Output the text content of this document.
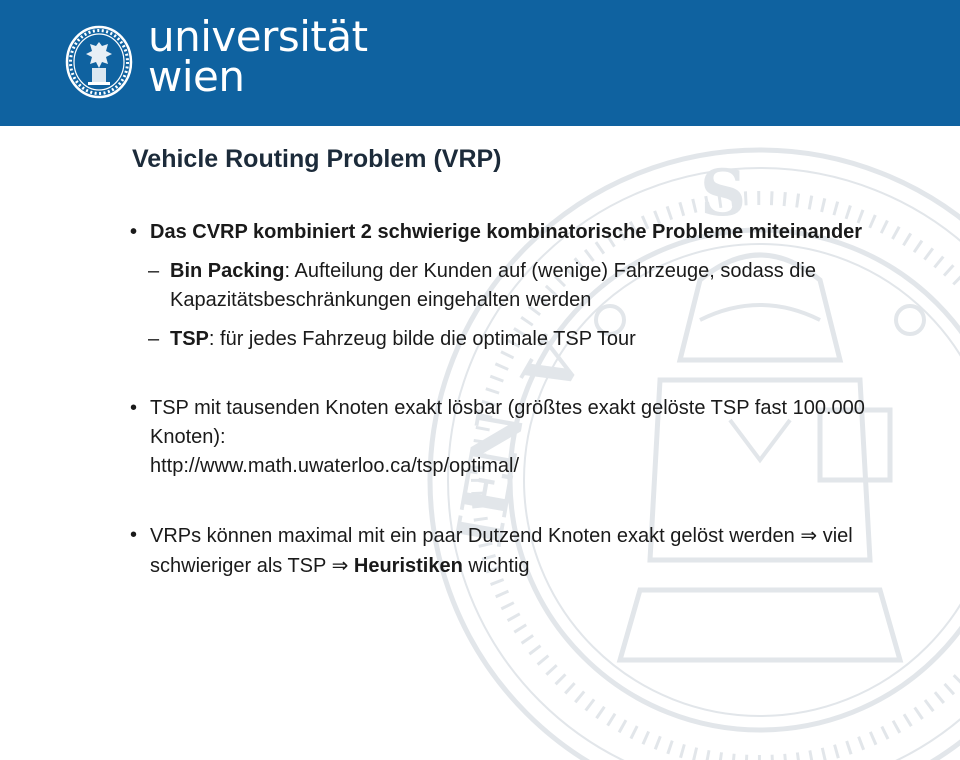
universität
wien
S
V
IEN
Vehicle Routing Problem (VRP)
• Das CVRP kombiniert 2 schwierige kombinatorische Probleme miteinander
– Bin Packing: Aufteilung der Kunden auf (wenige) Fahrzeuge, sodass die Kapazitätsbeschränkungen eingehalten werden
– TSP: für jedes Fahrzeug bilde die optimale TSP Tour
• TSP mit tausenden Knoten exakt lösbar (größtes exakt gelöste TSP fast 100.000 Knoten):
http://www.math.uwaterloo.ca/tsp/optimal/
• VRPs können maximal mit ein paar Dutzend Knoten exakt gelöst werden ⇒ viel schwieriger als TSP ⇒ Heuristiken wichtig
